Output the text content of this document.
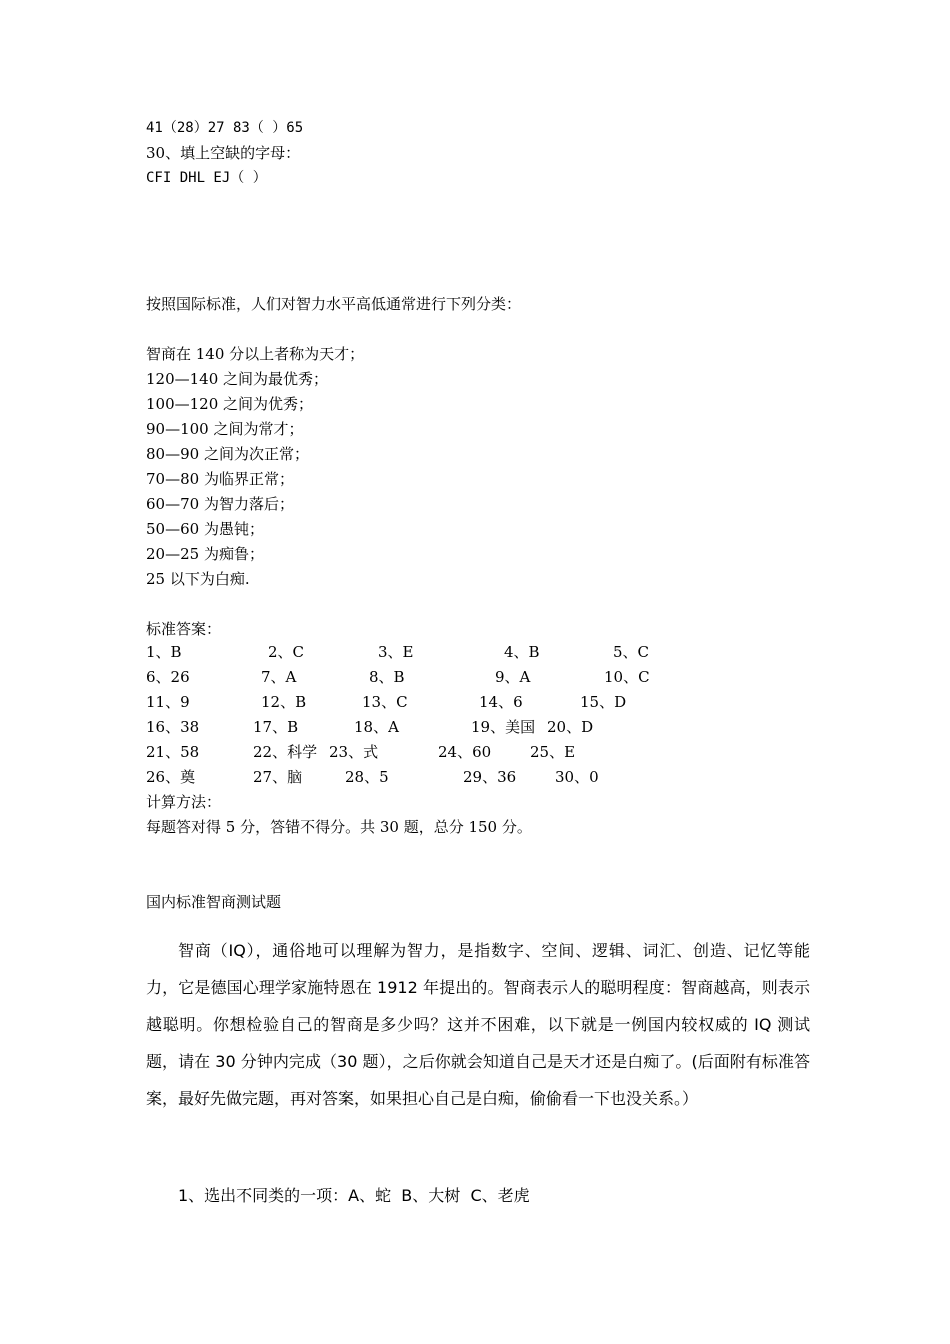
41（28）27 83（ ）65
30、填上空缺的字母：
CFI DHL EJ（ ）
按照国际标准，人们对智力水平高低通常进行下列分类：
智商在 140 分以上者称为天才；
120—140 之间为最优秀；
100—120 之间为优秀；
90—100 之间为常才；
80—90 之间为次正常；
70—80 为临界正常；
60—70 为智力落后；
50—60 为愚钝；
20—25 为痴鲁；
25 以下为白痴.
标准答案：
1、B	2、C	3、E	4、B	5、C
6、26	7、A	8、B	9、A	10、C
11、9	12、B	13、C	14、6	15、D
16、38	17、B	18、A	19、美国 20、D
21、58	22、科学 23、式	24、60	25、E
26、奠	27、脑	28、5	29、36	30、0
计算方法：
每题答对得 5 分，答错不得分。共 30 题，总分 150 分。
国内标准智商测试题
智商（IQ），通俗地可以理解为智力，是指数字、空间、逻辑、词汇、创造、记忆等能力，它是德国心理学家施特恩在 1912 年提出的。智商表示人的聪明程度：智商越高，则表示越聪明。你想检验自己的智商是多少吗？这并不困难，以下就是一例国内较权威的 IQ 测试题，请在 30 分钟内完成（30 题），之后你就会知道自己是天才还是白痴了。(后面附有标准答案，最好先做完题，再对答案，如果担心自己是白痴，偷偷看一下也没关系。）
1、选出不同类的一项：A、蛇  B、大树  C、老虎
